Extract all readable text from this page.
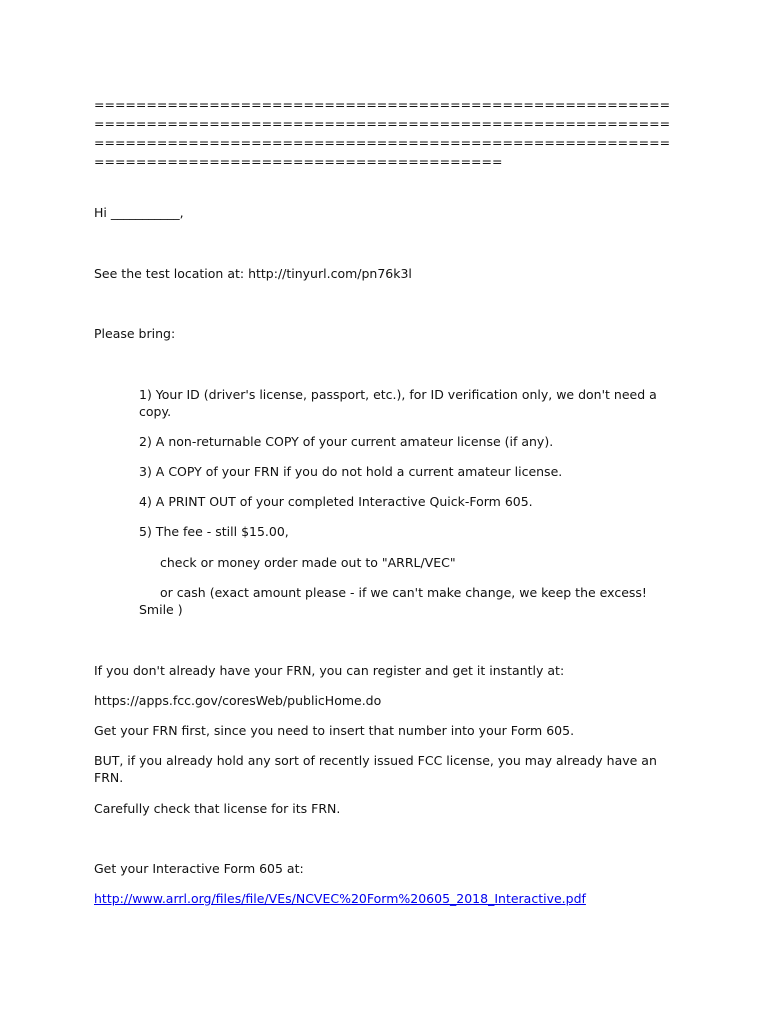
============================================================================================================================================================================================================

Hi ___________,

See the test location at: http://tinyurl.com/pn76k3l

Please bring:

1) Your ID (driver's license, passport, etc.), for ID verification only, we don't need a copy.

2) A non-returnable COPY of your current amateur license (if any).

3) A COPY of your FRN if you do not hold a current amateur license.

4) A PRINT OUT of your completed Interactive Quick-Form 605.

5) The fee - still $15.00,

check or money order made out to "ARRL/VEC"

or cash (exact amount please - if we can't make change, we keep the excess!

Smile )

If you don't already have your FRN, you can register and get it instantly at:

https://apps.fcc.gov/coresWeb/publicHome.do

Get your FRN first, since you need to insert that number into your Form 605.

BUT, if you already hold any sort of recently issued FCC license, you may already have an FRN.

Carefully check that license for its FRN.

Get your Interactive Form 605 at:

http://www.arrl.org/files/file/VEs/NCVEC%20Form%20605_2018_Interactive.pdf
